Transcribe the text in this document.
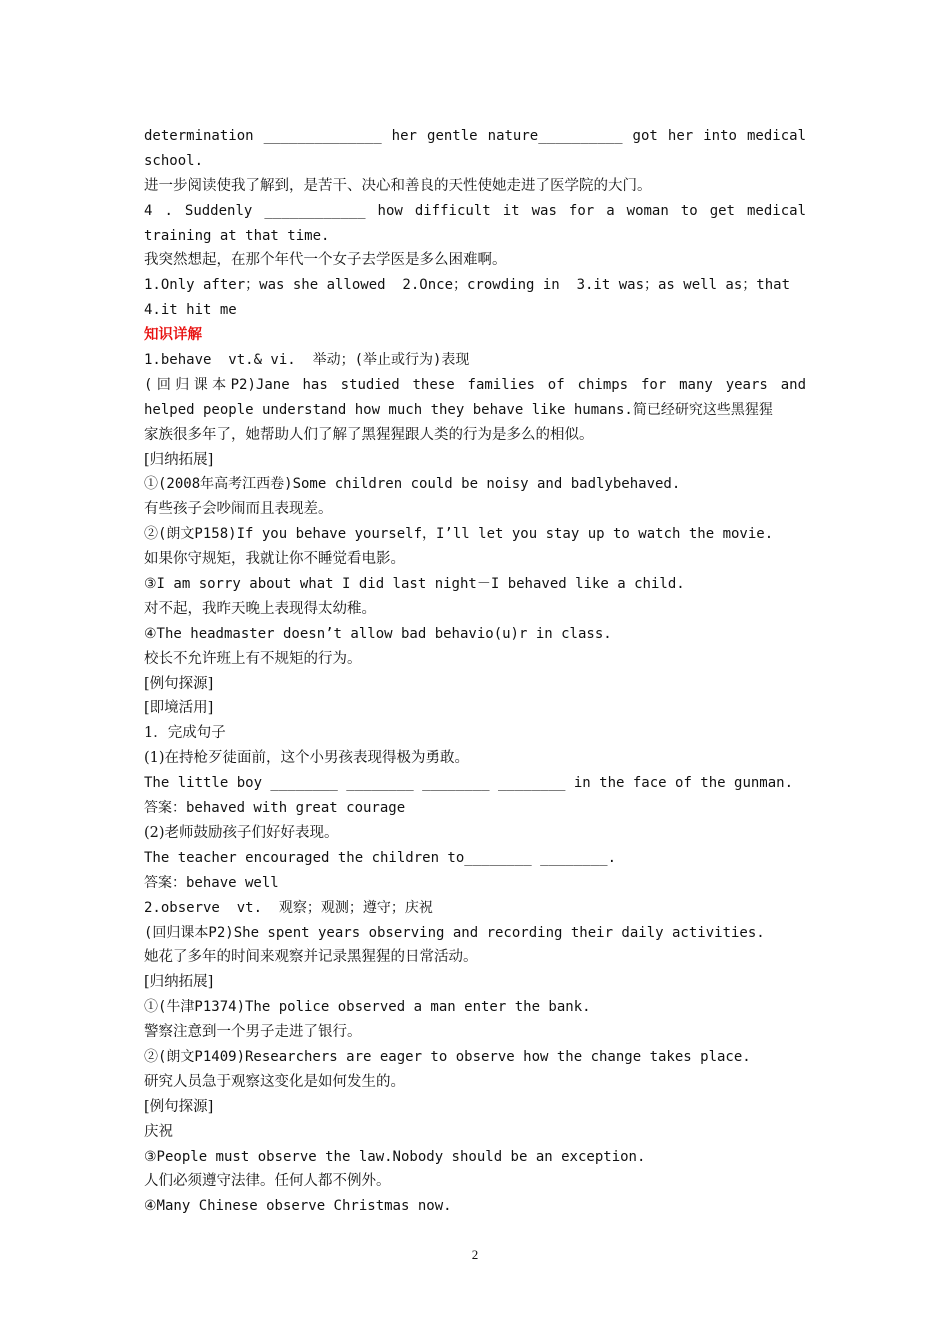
determination ______________ her gentle nature__________ got her into medical
school.
进一步阅读使我了解到，是苦干、决心和善良的天性使她走进了医学院的大门。
4 . Suddenly ____________ how difficult it was for a woman to get medical
training at that time.
我突然想起，在那个年代一个女子去学医是多么困难啊。
1.Only after；was she allowed  2.Once；crowding in  3.it was；as well as；that
4.it hit me
知识详解
1.behave  vt.& vi.  举动；(举止或行为)表现
(回归课本P2)Jane has studied these families of chimps for many years and
helped people understand how much they behave like humans.简已经研究这些黑猩猩
家族很多年了，她帮助人们了解了黑猩猩跟人类的行为是多么的相似。
[归纳拓展]
①(2008年高考江西卷)Some children could be noisy and badlybehaved.
有些孩子会吵闹而且表现差。
②(朗文P158)If you behave yourself，I’ll let you stay up to watch the movie.
如果你守规矩，我就让你不睡觉看电影。
③I am sorry about what I did last night－I behaved like a child.
对不起，我昨天晚上表现得太幼稚。
④The headmaster doesn’t allow bad behavio(u)r in class.
校长不允许班上有不规矩的行为。
[例句探源]
[即境活用]
1．完成句子
(1)在持枪歹徒面前，这个小男孩表现得极为勇敢。
The little boy ________ ________ ________ ________ in the face of the gunman.
答案：behaved with great courage
(2)老师鼓励孩子们好好表现。
The teacher encouraged the children to________ ________.
答案：behave well
2.observe  vt.  观察；观测；遵守；庆祝
(回归课本P2)She spent years observing and recording their daily activities.
她花了多年的时间来观察并记录黑猩猩的日常活动。
[归纳拓展]
①(牛津P1374)The police observed a man enter the bank.
警察注意到一个男子走进了银行。
②(朗文P1409)Researchers are eager to observe how the change takes place.
研究人员急于观察这变化是如何发生的。
[例句探源]
庆祝
③People must observe the law.Nobody should be an exception.
人们必须遵守法律。任何人都不例外。
④Many Chinese observe Christmas now.
2
